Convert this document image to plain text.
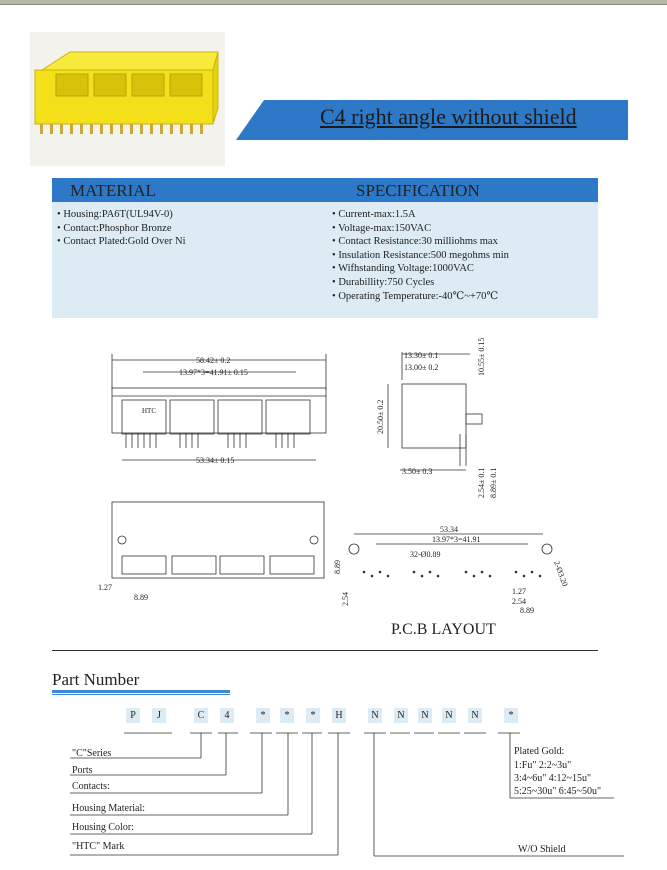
C4 right angle without shield
MATERIAL	SPECIFICATION
• Housing:PA6T(UL94V-0)
• Contact:Phosphor Bronze
• Contact Plated:Gold Over Ni
• Current-max:1.5A
• Voltage-max:150VAC
• Contact Resistance:30 milliohms max
• Insulation Resistance:500 megohms min
• Wifhstanding Voltage:1000VAC
• Durabillity:750 Cycles
• Operating Temperature:-40℃~+70℃
58.42± 0.2
13.97*3=41.91± 0.15
HTC
53.34± 0.15
13.30± 0.1
13.00± 0.2
20.50± 0.2
10.55± 0.15
3.50± 0.3	2.54± 0.1 8.89± 0.1
1.27
8.89
53.34
13.97*3=41.91
32-Ø0.89
8.89
2.54
1.27
2.54
8.89
2-Ø3.20
P.C.B LAYOUT
Part Number
P	J	C	4	*	*	*	H	N	N	N	N	N	*
"C"Series
Ports
Contacts:
Housing Material:
Housing Color:
"HTC" Mark
Plated Gold:
1:Fu" 2:2~3u"
3:4~6u" 4:12~15u"
5:25~30u" 6:45~50u"
W/O Shield
